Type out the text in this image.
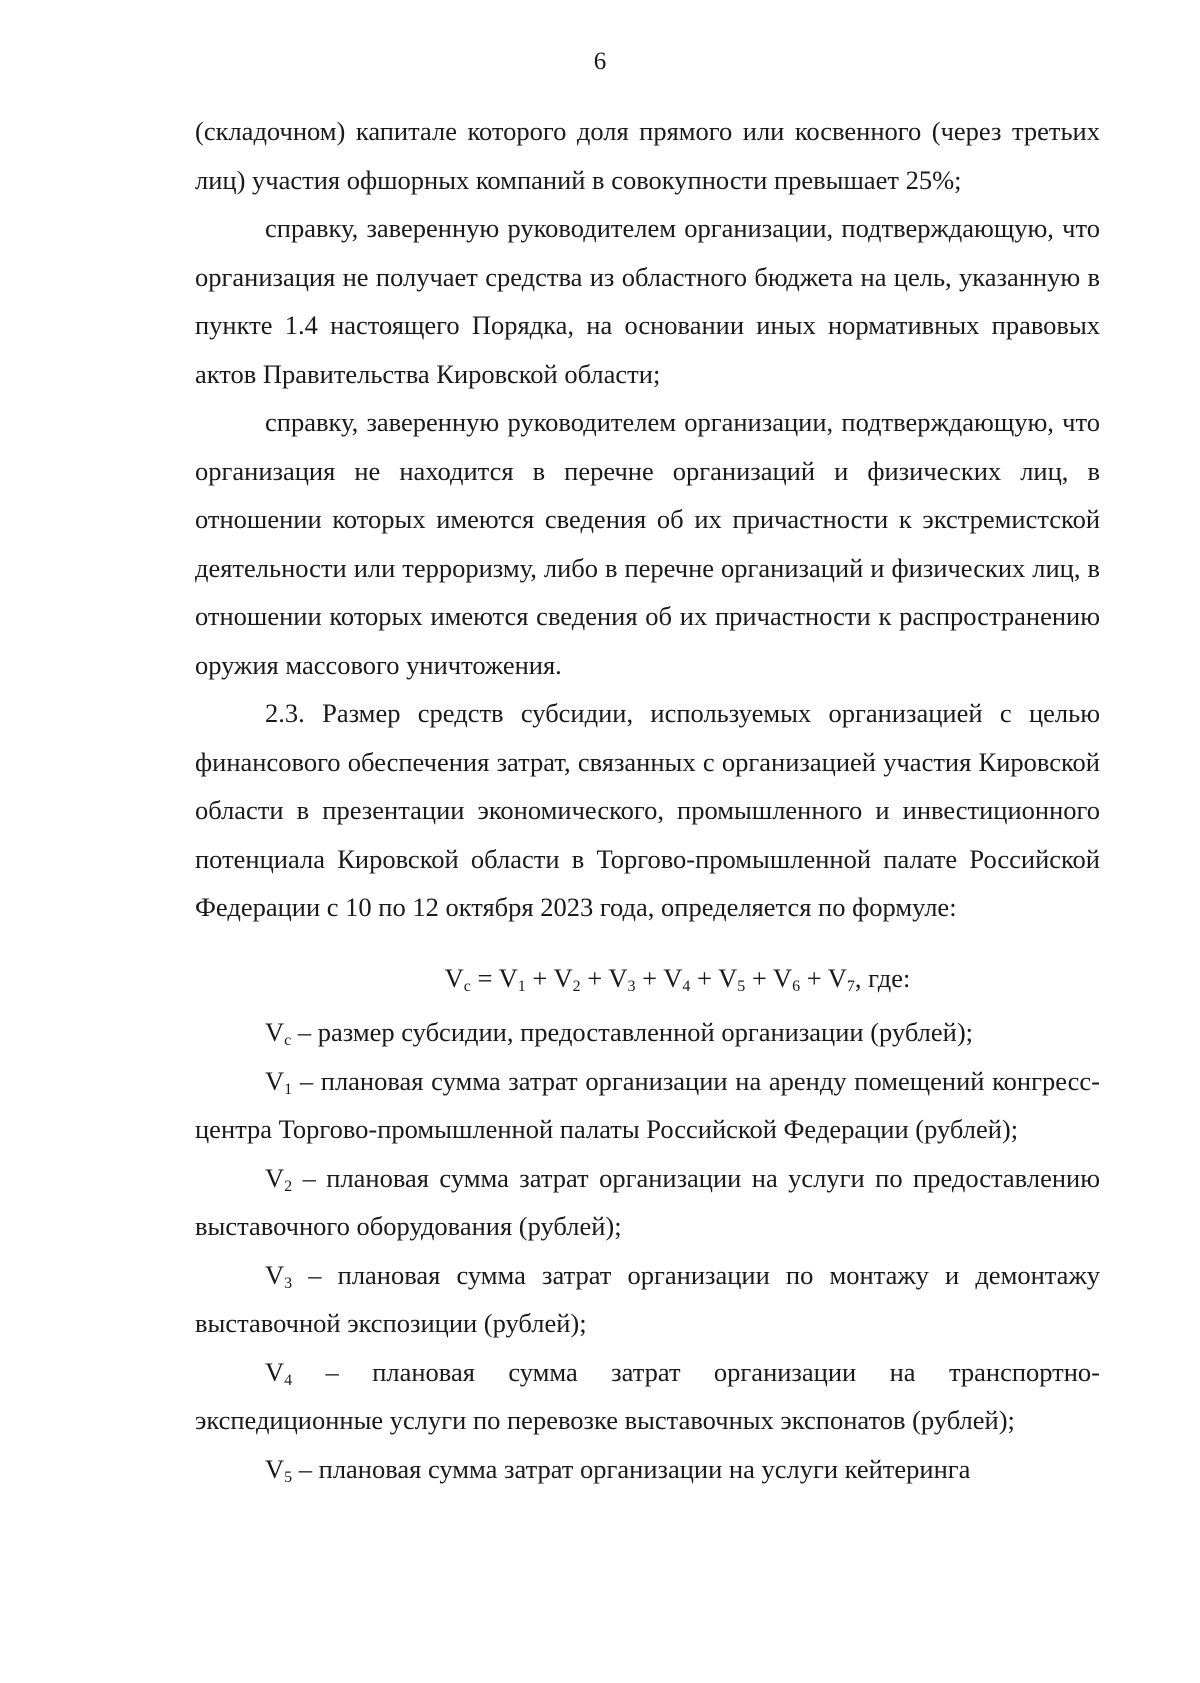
6

(складочном) капитале которого доля прямого или косвенного (через третьих лиц) участия офшорных компаний в совокупности превышает 25%;

справку, заверенную руководителем организации, подтверждающую, что организация не получает средства из областного бюджета на цель, указанную в пункте 1.4 настоящего Порядка, на основании иных нормативных правовых актов Правительства Кировской области;

справку, заверенную руководителем организации, подтверждающую, что организация не находится в перечне организаций и физических лиц, в отношении которых имеются сведения об их причастности к экстремистской деятельности или терроризму, либо в перечне организаций и физических лиц, в отношении которых имеются сведения об их причастности к распространению оружия массового уничтожения.

2.3. Размер средств субсидии, используемых организацией с целью финансового обеспечения затрат, связанных с организацией участия Кировской области в презентации экономического, промышленного и инвестиционного потенциала Кировской области в Торгово-промышленной палате Российской Федерации с 10 по 12 октября 2023 года, определяется по формуле:

$V_c = V_1 + V_2 + V_3 + V_4 + V_5 + V_6 + V_7$, где:

$V_c$ – размер субсидии, предоставленной организации (рублей);

$V_1$ – плановая сумма затрат организации на аренду помещений конгресс-центра Торгово-промышленной палаты Российской Федерации (рублей);

$V_2$ – плановая сумма затрат организации на услуги по предоставлению выставочного оборудования (рублей);

$V_3$ – плановая сумма затрат организации по монтажу и демонтажу выставочной экспозиции (рублей);

$V_4$ – плановая сумма затрат организации на транспортно-экспедиционные услуги по перевозке выставочных экспонатов (рублей);

$V_5$ – плановая сумма затрат организации на услуги кейтеринга
